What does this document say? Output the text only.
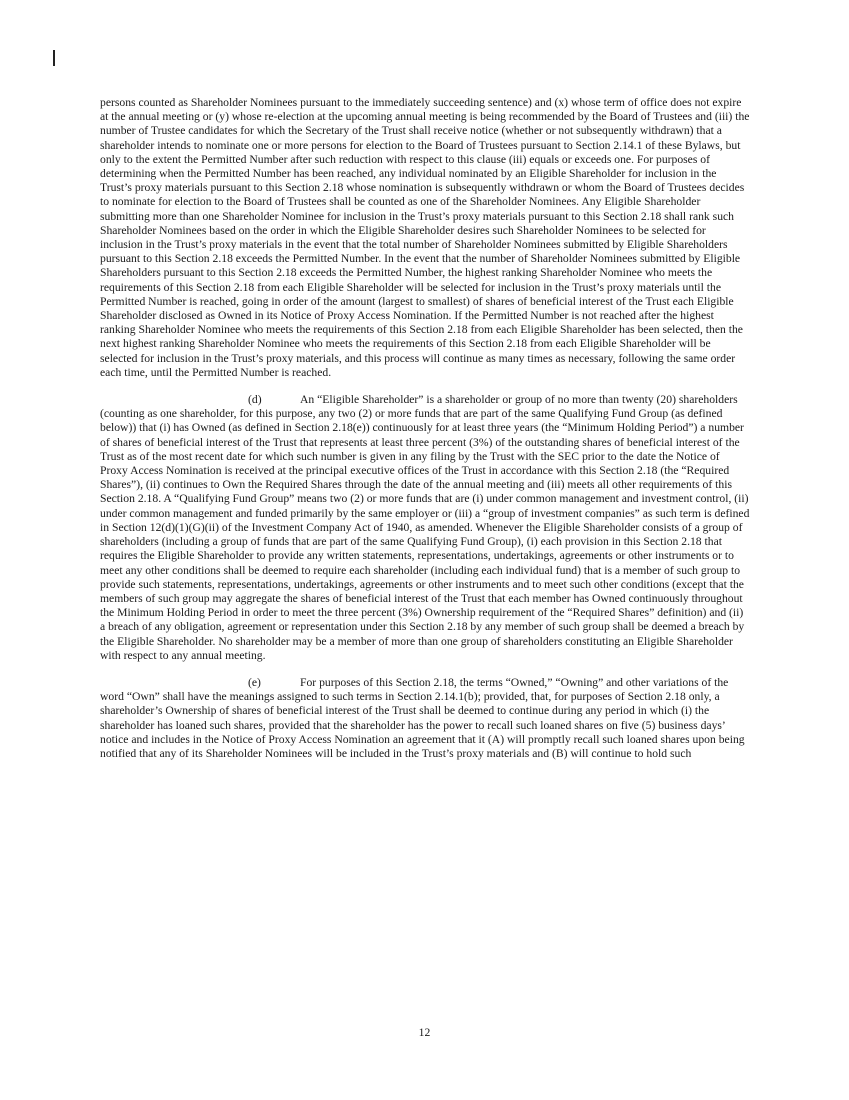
persons counted as Shareholder Nominees pursuant to the immediately succeeding sentence) and (x) whose term of office does not expire at the annual meeting or (y) whose re-election at the upcoming annual meeting is being recommended by the Board of Trustees and (iii) the number of Trustee candidates for which the Secretary of the Trust shall receive notice (whether or not subsequently withdrawn) that a shareholder intends to nominate one or more persons for election to the Board of Trustees pursuant to Section 2.14.1 of these Bylaws, but only to the extent the Permitted Number after such reduction with respect to this clause (iii) equals or exceeds one. For purposes of determining when the Permitted Number has been reached, any individual nominated by an Eligible Shareholder for inclusion in the Trust’s proxy materials pursuant to this Section 2.18 whose nomination is subsequently withdrawn or whom the Board of Trustees decides to nominate for election to the Board of Trustees shall be counted as one of the Shareholder Nominees. Any Eligible Shareholder submitting more than one Shareholder Nominee for inclusion in the Trust’s proxy materials pursuant to this Section 2.18 shall rank such Shareholder Nominees based on the order in which the Eligible Shareholder desires such Shareholder Nominees to be selected for inclusion in the Trust’s proxy materials in the event that the total number of Shareholder Nominees submitted by Eligible Shareholders pursuant to this Section 2.18 exceeds the Permitted Number. In the event that the number of Shareholder Nominees submitted by Eligible Shareholders pursuant to this Section 2.18 exceeds the Permitted Number, the highest ranking Shareholder Nominee who meets the requirements of this Section 2.18 from each Eligible Shareholder will be selected for inclusion in the Trust’s proxy materials until the Permitted Number is reached, going in order of the amount (largest to smallest) of shares of beneficial interest of the Trust each Eligible Shareholder disclosed as Owned in its Notice of Proxy Access Nomination. If the Permitted Number is not reached after the highest ranking Shareholder Nominee who meets the requirements of this Section 2.18 from each Eligible Shareholder has been selected, then the next highest ranking Shareholder Nominee who meets the requirements of this Section 2.18 from each Eligible Shareholder will be selected for inclusion in the Trust’s proxy materials, and this process will continue as many times as necessary, following the same order each time, until the Permitted Number is reached.

(d)	An “Eligible Shareholder” is a shareholder or group of no more than twenty (20) shareholders (counting as one shareholder, for this purpose, any two (2) or more funds that are part of the same Qualifying Fund Group (as defined below)) that (i) has Owned (as defined in Section 2.18(e)) continuously for at least three years (the “Minimum Holding Period”) a number of shares of beneficial interest of the Trust that represents at least three percent (3%) of the outstanding shares of beneficial interest of the Trust as of the most recent date for which such number is given in any filing by the Trust with the SEC prior to the date the Notice of Proxy Access Nomination is received at the principal executive offices of the Trust in accordance with this Section 2.18 (the “Required Shares”), (ii) continues to Own the Required Shares through the date of the annual meeting and (iii) meets all other requirements of this Section 2.18. A “Qualifying Fund Group” means two (2) or more funds that are (i) under common management and investment control, (ii) under common management and funded primarily by the same employer or (iii) a “group of investment companies” as such term is defined in Section 12(d)(1)(G)(ii) of the Investment Company Act of 1940, as amended. Whenever the Eligible Shareholder consists of a group of shareholders (including a group of funds that are part of the same Qualifying Fund Group), (i) each provision in this Section 2.18 that requires the Eligible Shareholder to provide any written statements, representations, undertakings, agreements or other instruments or to meet any other conditions shall be deemed to require each shareholder (including each individual fund) that is a member of such group to provide such statements, representations, undertakings, agreements or other instruments and to meet such other conditions (except that the members of such group may aggregate the shares of beneficial interest of the Trust that each member has Owned continuously throughout the Minimum Holding Period in order to meet the three percent (3%) Ownership requirement of the “Required Shares” definition) and (ii) a breach of any obligation, agreement or representation under this Section 2.18 by any member of such group shall be deemed a breach by the Eligible Shareholder. No shareholder may be a member of more than one group of shareholders constituting an Eligible Shareholder with respect to any annual meeting.

(e)	For purposes of this Section 2.18, the terms “Owned,” “Owning” and other variations of the word “Own” shall have the meanings assigned to such terms in Section 2.14.1(b); provided, that, for purposes of Section 2.18 only, a shareholder’s Ownership of shares of beneficial interest of the Trust shall be deemed to continue during any period in which (i) the shareholder has loaned such shares, provided that the shareholder has the power to recall such loaned shares on five (5) business days’ notice and includes in the Notice of Proxy Access Nomination an agreement that it (A) will promptly recall such loaned shares upon being notified that any of its Shareholder Nominees will be included in the Trust’s proxy materials and (B) will continue to hold such

12
